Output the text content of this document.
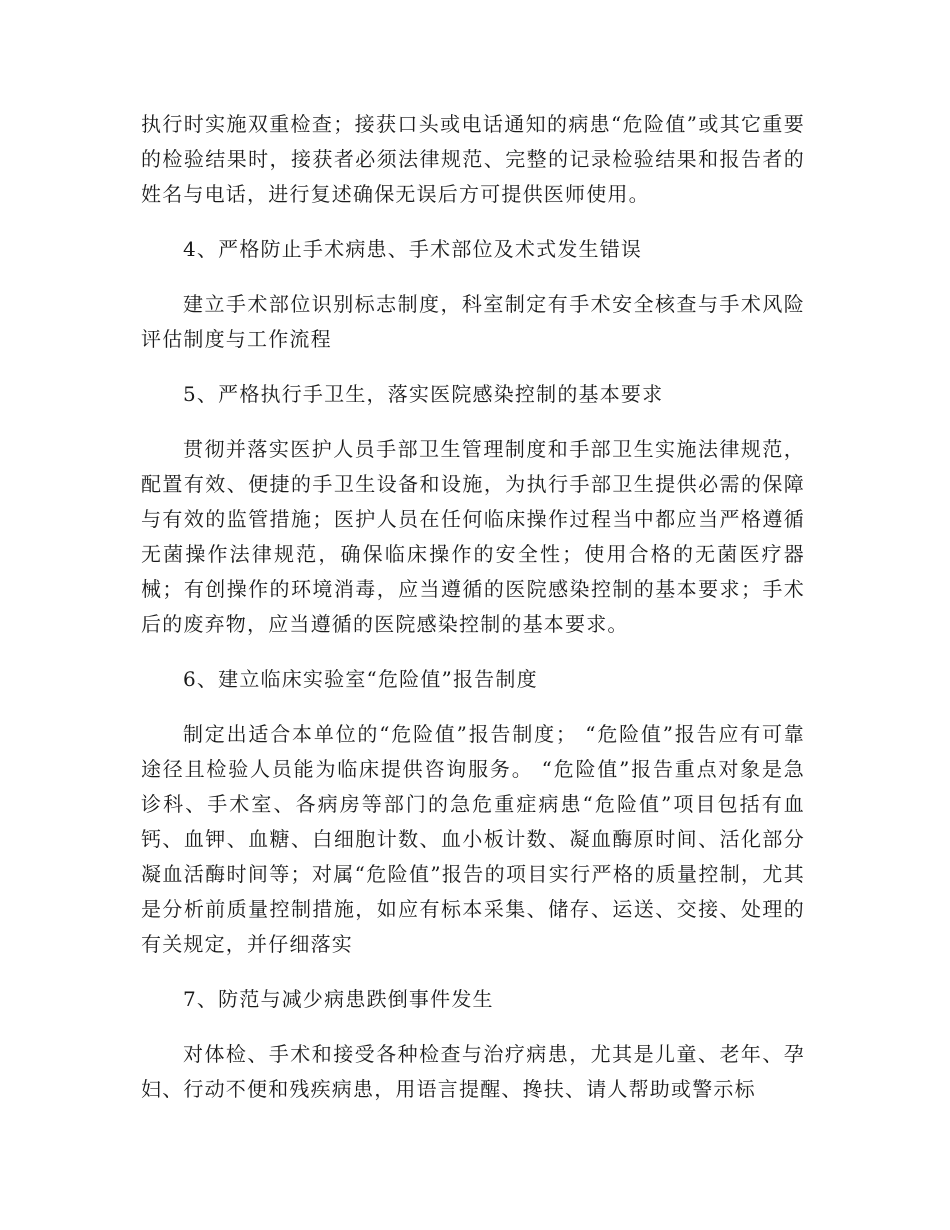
执行时实施双重检查；接获口头或电话通知的病患“危险值”或其它重要的检验结果时，接获者必须法律规范、完整的记录检验结果和报告者的姓名与电话，进行复述确保无误后方可提供医师使用。

4、严格防止手术病患、手术部位及术式发生错误

建立手术部位识别标志制度，科室制定有手术安全核查与手术风险评估制度与工作流程

5、严格执行手卫生，落实医院感染控制的基本要求

贯彻并落实医护人员手部卫生管理制度和手部卫生实施法律规范，配置有效、便捷的手卫生设备和设施，为执行手部卫生提供必需的保障与有效的监管措施；医护人员在任何临床操作过程当中都应当严格遵循无菌操作法律规范，确保临床操作的安全性；使用合格的无菌医疗器械；有创操作的环境消毒，应当遵循的医院感染控制的基本要求；手术后的废弃物，应当遵循的医院感染控制的基本要求。

6、建立临床实验室“危险值”报告制度

制定出适合本单位的“危险值”报告制度； “危险值”报告应有可靠途径且检验人员能为临床提供咨询服务。 “危险值”报告重点对象是急诊科、手术室、各病房等部门的急危重症病患“危险值”项目包括有血钙、血钾、血糖、白细胞计数、血小板计数、凝血酶原时间、活化部分凝血活酶时间等；对属“危险值”报告的项目实行严格的质量控制，尤其是分析前质量控制措施，如应有标本采集、储存、运送、交接、处理的有关规定，并仔细落实

7、防范与减少病患跌倒事件发生

对体检、手术和接受各种检查与治疗病患，尤其是儿童、老年、孕妇、行动不便和残疾病患，用语言提醒、搀扶、请人帮助或警示标
